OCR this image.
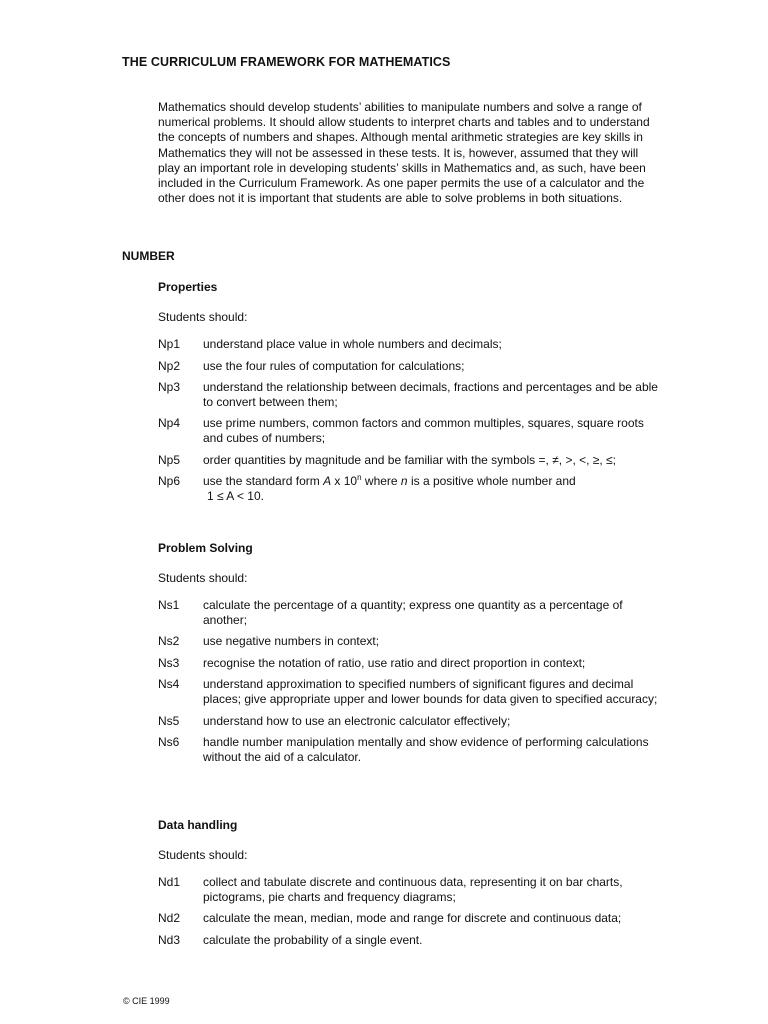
THE CURRICULUM FRAMEWORK FOR MATHEMATICS
Mathematics should develop students’ abilities to manipulate numbers and solve a range of numerical problems. It should allow students to interpret charts and tables and to understand the concepts of numbers and shapes. Although mental arithmetic strategies are key skills in Mathematics they will not be assessed in these tests. It is, however, assumed that they will play an important role in developing students’ skills in Mathematics and, as such, have been included in the Curriculum Framework. As one paper permits the use of a calculator and the other does not it is important that students are able to solve problems in both situations.
NUMBER
Properties
Students should:
Np1	understand place value in whole numbers and decimals;
Np2	use the four rules of computation for calculations;
Np3	understand the relationship between decimals, fractions and percentages and be able to convert between them;
Np4	use prime numbers, common factors and common multiples, squares, square roots and cubes of numbers;
Np5	order quantities by magnitude and be familiar with the symbols =, ≠, >, <, ≥, ≤;
Np6	use the standard form A x 10$^n$ where n is a positive whole number and
1 ≤ A < 10.
Problem Solving
Students should:
Ns1	calculate the percentage of a quantity; express one quantity as a percentage of another;
Ns2	use negative numbers in context;
Ns3	recognise the notation of ratio, use ratio and direct proportion in context;
Ns4	understand approximation to specified numbers of significant figures and decimal places; give appropriate upper and lower bounds for data given to specified accuracy;
Ns5	understand how to use an electronic calculator effectively;
Ns6	handle number manipulation mentally and show evidence of performing calculations without the aid of a calculator.
Data handling
Students should:
Nd1	collect and tabulate discrete and continuous data, representing it on bar charts, pictograms, pie charts and frequency diagrams;
Nd2	calculate the mean, median, mode and range for discrete and continuous data;
Nd3	calculate the probability of a single event.
© CIE 1999
